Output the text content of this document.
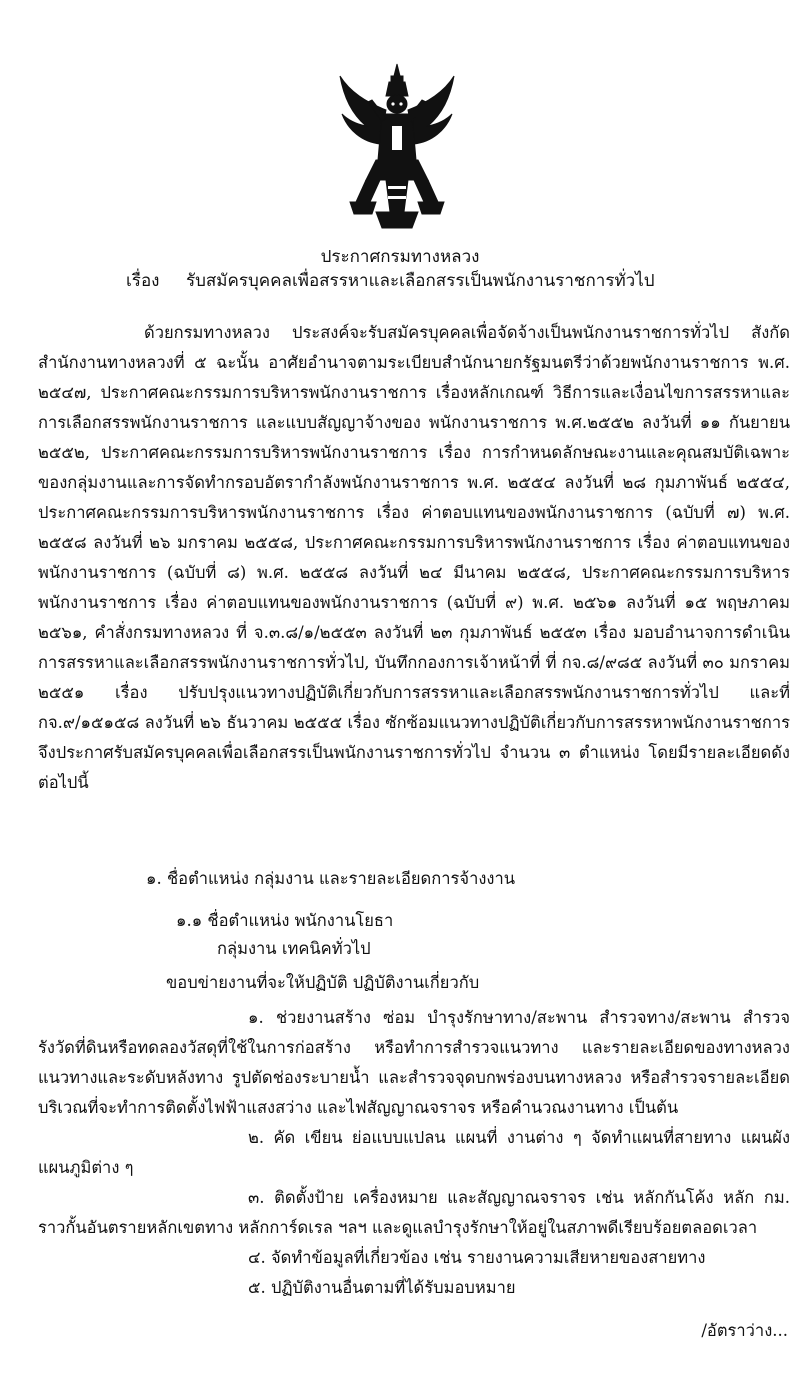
ประกาศกรมทางหลวง
เรื่อง รับสมัครบุคคลเพื่อสรรหาและเลือกสรรเป็นพนักงานราชการทั่วไป

ด้วยกรมทางหลวง ประสงค์จะรับสมัครบุคคลเพื่อจัดจ้างเป็นพนักงานราชการทั่วไป สังกัดสำนักงานทางหลวงที่ ๕ ฉะนั้น อาศัยอำนาจตามระเบียบสำนักนายกรัฐมนตรีว่าด้วยพนักงานราชการ พ.ศ. ๒๕๔๗, ประกาศคณะกรรมการบริหารพนักงานราชการ เรื่องหลักเกณฑ์ วิธีการและเงื่อนไขการสรรหาและการเลือกสรรพนักงานราชการ และแบบสัญญาจ้างของ พนักงานราชการ พ.ศ.๒๕๕๒ ลงวันที่ ๑๑ กันยายน ๒๕๕๒, ประกาศคณะกรรมการบริหารพนักงานราชการ เรื่อง การกำหนดลักษณะงานและคุณสมบัติเฉพาะของกลุ่มงานและการจัดทำกรอบอัตรากำลังพนักงานราชการ พ.ศ. ๒๕๕๔ ลงวันที่ ๒๘ กุมภาพันธ์ ๒๕๕๔, ประกาศคณะกรรมการบริหารพนักงานราชการ เรื่อง ค่าตอบแทนของพนักงานราชการ (ฉบับที่ ๗) พ.ศ. ๒๕๕๘ ลงวันที่ ๒๖ มกราคม ๒๕๕๘, ประกาศคณะกรรมการบริหารพนักงานราชการ เรื่อง ค่าตอบแทนของพนักงานราชการ (ฉบับที่ ๘) พ.ศ. ๒๕๕๘ ลงวันที่ ๒๔ มีนาคม ๒๕๕๘, ประกาศคณะกรรมการบริหารพนักงานราชการ เรื่อง ค่าตอบแทนของพนักงานราชการ (ฉบับที่ ๙) พ.ศ. ๒๕๖๑ ลงวันที่ ๑๕ พฤษภาคม ๒๕๖๑, คำสั่งกรมทางหลวง ที่ จ.๓.๘/๑/๒๕๕๓ ลงวันที่ ๒๓ กุมภาพันธ์ ๒๕๕๓ เรื่อง มอบอำนาจการดำเนินการสรรหาและเลือกสรรพนักงานราชการทั่วไป, บันทึกกองการเจ้าหน้าที่ ที่ กจ.๘/๙๘๕ ลงวันที่ ๓๐ มกราคม ๒๕๕๑ เรื่อง ปรับปรุงแนวทางปฏิบัติเกี่ยวกับการสรรหาและเลือกสรรพนักงานราชการทั่วไป และที่ กจ.๙/๑๕๑๕๘ ลงวันที่ ๒๖ ธันวาคม ๒๕๕๕ เรื่อง ซักซ้อมแนวทางปฏิบัติเกี่ยวกับการสรรหาพนักงานราชการ จึงประกาศรับสมัครบุคคลเพื่อเลือกสรรเป็นพนักงานราชการทั่วไป จำนวน ๓ ตำแหน่ง โดยมีรายละเอียดดังต่อไปนี้

๑. ชื่อตำแหน่ง กลุ่มงาน และรายละเอียดการจ้างงาน
๑.๑ ชื่อตำแหน่ง พนักงานโยธา
กลุ่มงาน เทคนิคทั่วไป
ขอบข่ายงานที่จะให้ปฏิบัติ ปฏิบัติงานเกี่ยวกับ

๑. ช่วยงานสร้าง ซ่อม บำรุงรักษาทาง/สะพาน สำรวจทาง/สะพาน สำรวจรังวัดที่ดินหรือทดลองวัสดุที่ใช้ในการก่อสร้าง หรือทำการสำรวจแนวทาง และรายละเอียดของทางหลวงแนวทางและระดับหลังทาง รูปตัดช่องระบายน้ำ และสำรวจจุดบกพร่องบนทางหลวง หรือสำรวจรายละเอียดบริเวณที่จะทำการติดตั้งไฟฟ้าแสงสว่าง และไฟสัญญาณจราจร หรือคำนวณงานทาง เป็นต้น

๒. คัด เขียน ย่อแบบแปลน แผนที่ งานต่าง ๆ จัดทำแผนที่สายทาง แผนผัง แผนภูมิต่าง ๆ

๓. ติดตั้งป้าย เครื่องหมาย และสัญญาณจราจร เช่น หลักกันโค้ง หลัก กม. ราวกั้นอันตรายหลักเขตทาง หลักการ์ดเรล ฯลฯ และดูแลบำรุงรักษาให้อยู่ในสภาพดีเรียบร้อยตลอดเวลา

๔. จัดทำข้อมูลที่เกี่ยวข้อง เช่น รายงานความเสียหายของสายทาง

๕. ปฏิบัติงานอื่นตามที่ได้รับมอบหมาย

/อัตราว่าง...
